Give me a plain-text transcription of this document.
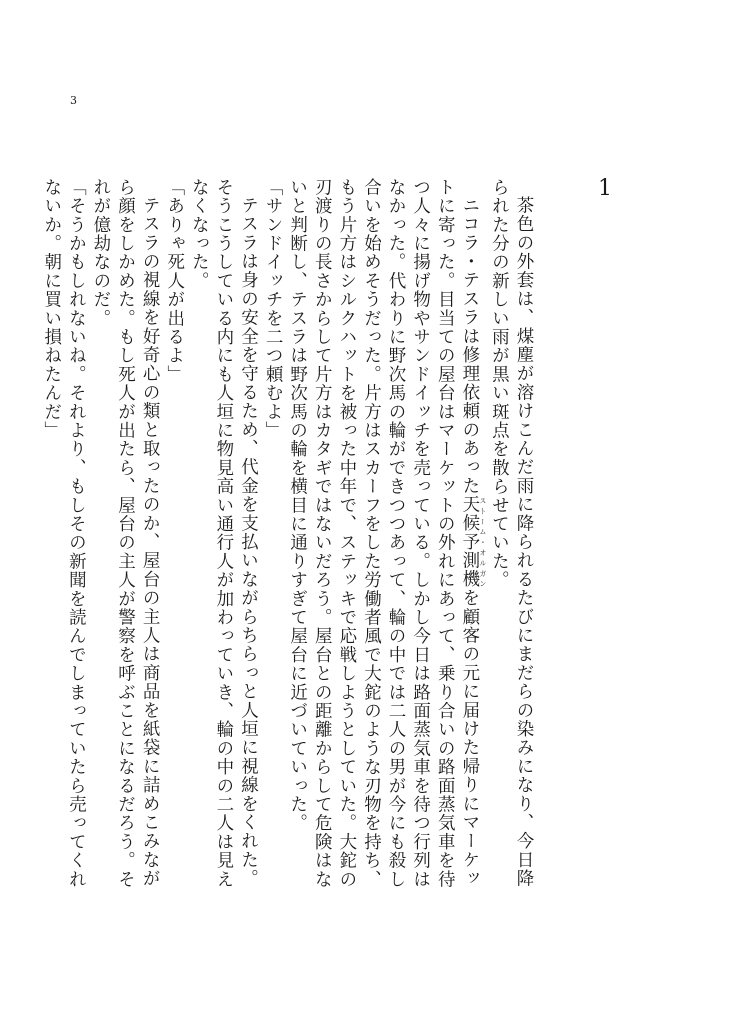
3
1

茶色の外套は、煤塵が溶けこんだ雨に降られるたびにまだらの染みになり、今日降られた分の新しい雨が黒い斑点を散らせていた。

ニコラ・テスラは修理依頼のあった天候予測機 ストーム・オルガンを顧客の元に届けた帰りにマーケットに寄った。目当ての屋台はマーケットの外れにあって、乗り合いの路面蒸気車を待つ人々に揚げ物やサンドイッチを売っている。しかし今日は路面蒸気車を待つ行列はなかった。代わりに野次馬の輪ができつつあって、輪の中では二人の男が今にも殺し合いを始めそうだった。片方はスカーフをした労働者風で大鉈のような刃物を持ち、もう片方はシルクハットを被った中年で、ステッキで応戦しようとしていた。大鉈の刃渡りの長さからして片方はカタギではないだろう。屋台との距離からして危険はないと判断し、テスラは野次馬の輪を横目に通りすぎて屋台に近づいていった。

「サンドイッチを二つ頼むよ」

テスラは身の安全を守るため、代金を支払いながらちらっと人垣に視線をくれた。そうこうしている内にも人垣に物見高い通行人が加わっていき、輪の中の二人は見えなくなった。

「ありゃ死人が出るよ」

テスラの視線を好奇心の類と取ったのか、屋台の主人は商品を紙袋に詰めこみながら顔をしかめた。もし死人が出たら、屋台の主人が警察を呼ぶことになるだろう。それが億劫なのだ。

「そうかもしれないね。それより、もしその新聞を読んでしまっていたら売ってくれないか。朝に買い損ねたんだ」
